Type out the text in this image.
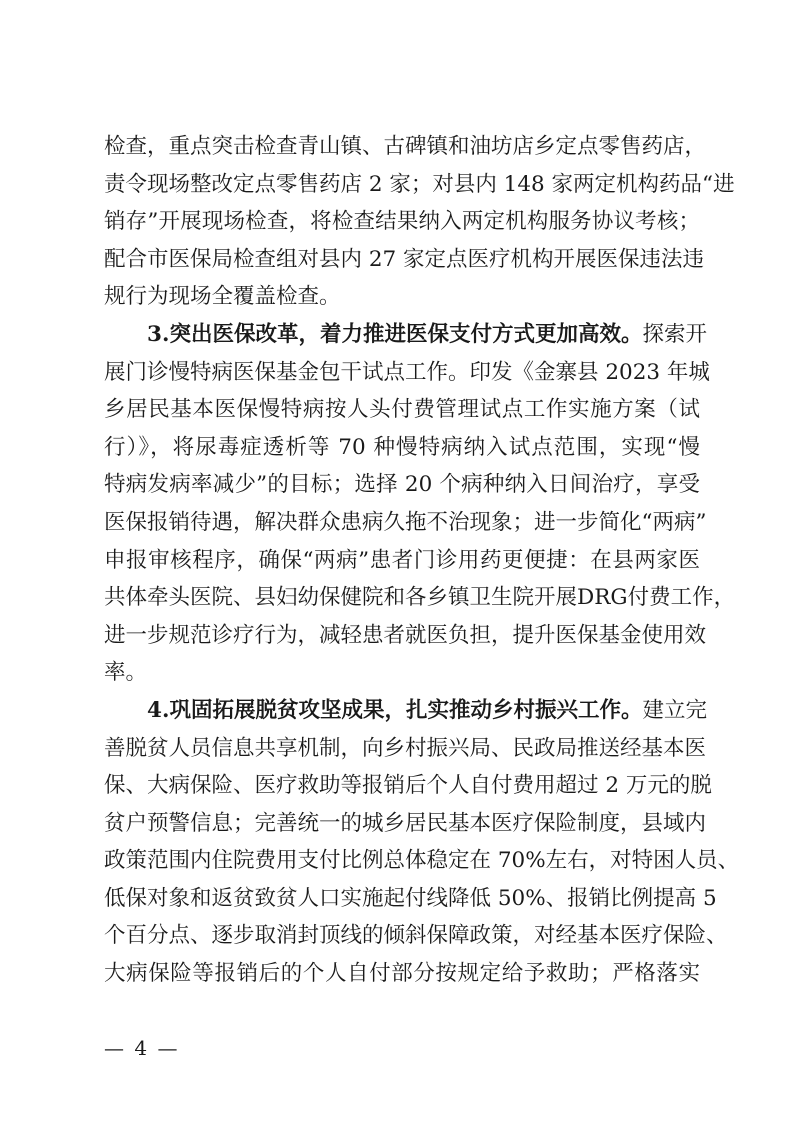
检查，重点突击检查青山镇、古碑镇和油坊店乡定点零售药店，
责令现场整改定点零售药店 2 家；对县内 148 家两定机构药品“进
销存”开展现场检查，将检查结果纳入两定机构服务协议考核；
配合市医保局检查组对县内 27 家定点医疗机构开展医保违法违
规行为现场全覆盖检查。
3.突出医保改革，着力推进医保支付方式更加高效。探索开
展门诊慢特病医保基金包干试点工作。印发《金寨县 2023 年城
乡居民基本医保慢特病按人头付费管理试点工作实施方案（试
行）》，将尿毒症透析等 70 种慢特病纳入试点范围，实现“慢
特病发病率减少”的目标；选择 20 个病种纳入日间治疗，享受
医保报销待遇，解决群众患病久拖不治现象；进一步简化“两病”
申报审核程序，确保“两病”患者门诊用药更便捷：在县两家医
共体牵头医院、县妇幼保健院和各乡镇卫生院开展DRG付费工作，
进一步规范诊疗行为，减轻患者就医负担，提升医保基金使用效
率。
4.巩固拓展脱贫攻坚成果，扎实推动乡村振兴工作。建立完
善脱贫人员信息共享机制，向乡村振兴局、民政局推送经基本医
保、大病保险、医疗救助等报销后个人自付费用超过 2 万元的脱
贫户预警信息；完善统一的城乡居民基本医疗保险制度，县域内
政策范围内住院费用支付比例总体稳定在 70%左右，对特困人员、
低保对象和返贫致贫人口实施起付线降低 50%、报销比例提高 5
个百分点、逐步取消封顶线的倾斜保障政策，对经基本医疗保险、
大病保险等报销后的个人自付部分按规定给予救助；严格落实
— 4 —
